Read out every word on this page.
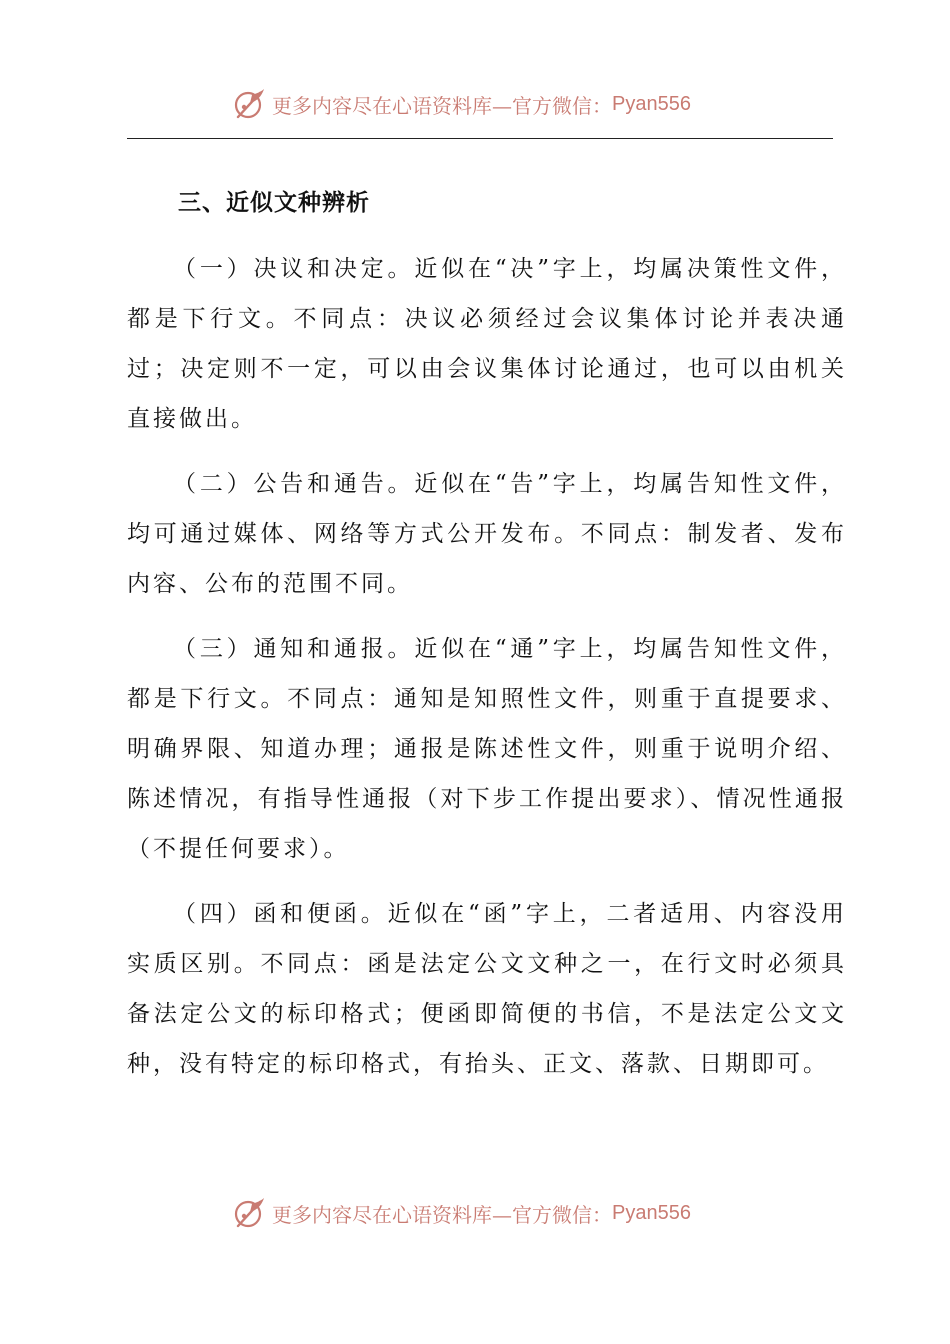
更多内容尽在心语资料库—官方微信： Pyan556
三、近似文种辨析

（一）决议和决定。近似在“决”字上，均属决策性文件，都是下行文。不同点：决议必须经过会议集体讨论并表决通过；决定则不一定，可以由会议集体讨论通过，也可以由机关直接做出。

（二）公告和通告。近似在“告”字上，均属告知性文件，均可通过媒体、网络等方式公开发布。不同点：制发者、发布内容、公布的范围不同。

（三）通知和通报。近似在“通”字上，均属告知性文件，都是下行文。不同点：通知是知照性文件，则重于直提要求、明确界限、知道办理；通报是陈述性文件，则重于说明介绍、陈述情况，有指导性通报（对下步工作提出要求）、情况性通报（不提任何要求）。

（四）函和便函。近似在“函”字上，二者适用、内容没用实质区别。不同点：函是法定公文文种之一，在行文时必须具备法定公文的标印格式；便函即简便的书信，不是法定公文文种，没有特定的标印格式，有抬头、正文、落款、日期即可。

更多内容尽在心语资料库—官方微信： Pyan556
